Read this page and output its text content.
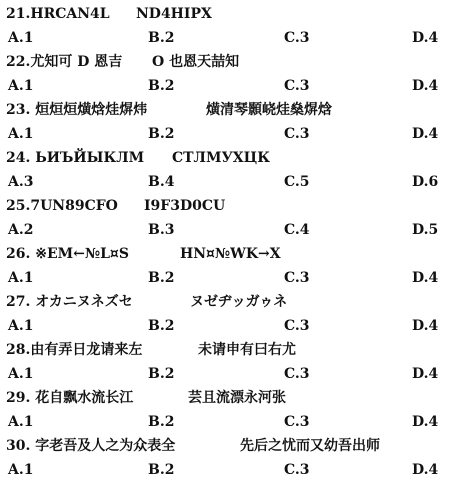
21.HRCAN4L ND4HIPX
A.1	B.2	C.3	D.4
22.尤知可 D 恩吉 O 也恩天喆知
A.1	B.2	C.3	D.4
23. 烜烜烜熿焓烓焺炜	熿清琴顥峣烓燊焺焓
A.1	B.2	C.3	D.4
24. ЬИЪЙЫКЛМ СТЛМУХЦК
A.3	B.4	C.5	D.6
25.7UN89CFO I9F3D0CU
A.2	B.3	C.4	D.5
26. ※EM←№L¤S	HN¤№WK→X
A.1	B.2	C.3	D.4
27. オカニヌネズセ	ヌゼヂッガゥネ
A.1	B.2	C.3	D.4
28.由有弄日龙请来左	未请申有曰右尤
A.1	B.2	C.3	D.4
29. 花自飘水流长江	芸且流漂永河张
A.1	B.2	C.3	D.4
30. 字老吾及人之为众表全	先后之忧而又幼吾出师
A.1	B.2	C.3	D.4
